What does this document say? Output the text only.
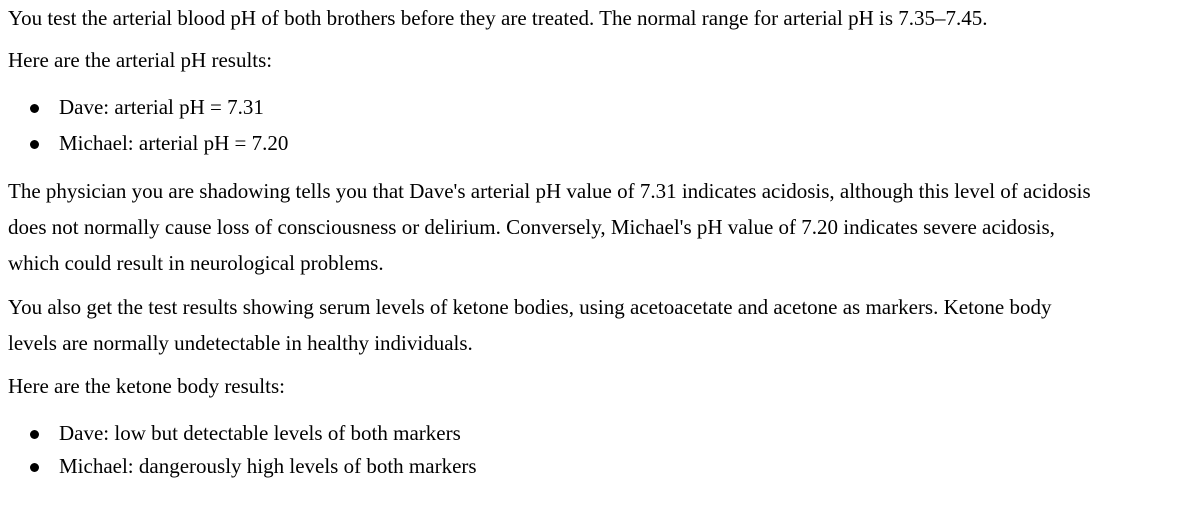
You test the arterial blood pH of both brothers before they are treated. The normal range for arterial pH is 7.35–7.45.

Here are the arterial pH results:

Dave: arterial pH = 7.31
Michael: arterial pH = 7.20

The physician you are shadowing tells you that Dave's arterial pH value of 7.31 indicates acidosis, although this level of acidosis
does not normally cause loss of consciousness or delirium. Conversely, Michael's pH value of 7.20 indicates severe acidosis,
which could result in neurological problems.

You also get the test results showing serum levels of ketone bodies, using acetoacetate and acetone as markers. Ketone body
levels are normally undetectable in healthy individuals.

Here are the ketone body results:

Dave: low but detectable levels of both markers
Michael: dangerously high levels of both markers
